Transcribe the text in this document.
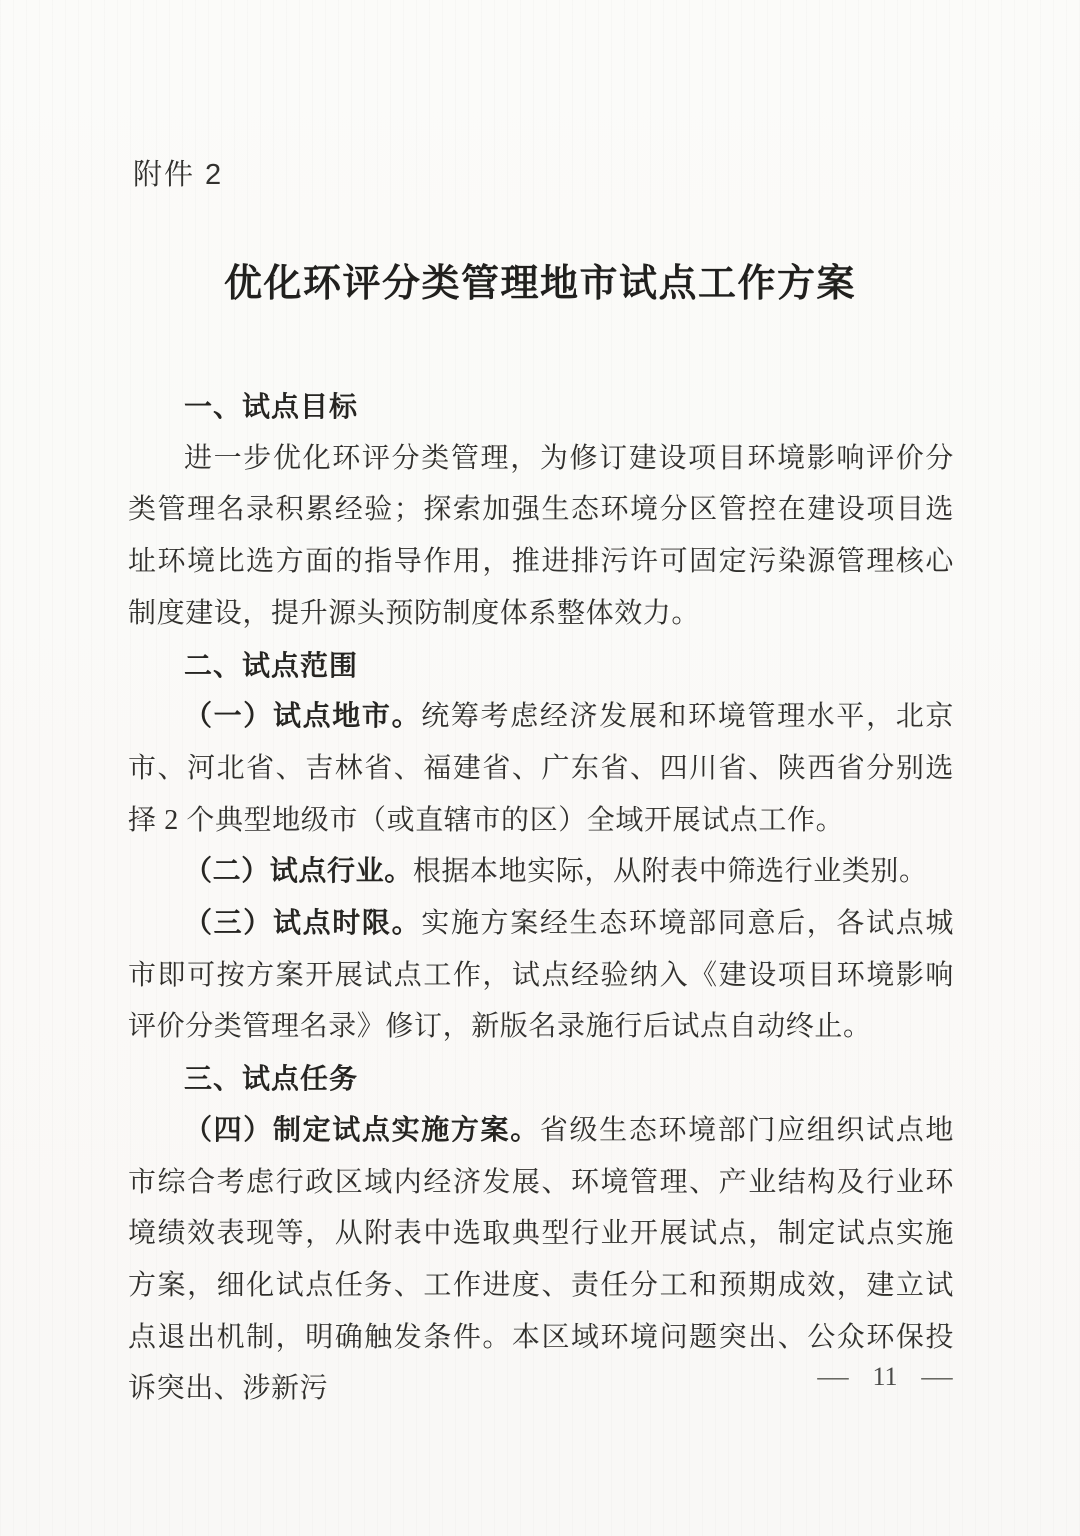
附件 2
优化环评分类管理地市试点工作方案
一、试点目标

进一步优化环评分类管理，为修订建设项目环境影响评价分类管理名录积累经验；探索加强生态环境分区管控在建设项目选址环境比选方面的指导作用，推进排污许可固定污染源管理核心制度建设，提升源头预防制度体系整体效力。

二、试点范围

（一）试点地市。统筹考虑经济发展和环境管理水平，北京市、河北省、吉林省、福建省、广东省、四川省、陕西省分别选择 2 个典型地级市（或直辖市的区）全域开展试点工作。

（二）试点行业。根据本地实际，从附表中筛选行业类别。

（三）试点时限。实施方案经生态环境部同意后，各试点城市即可按方案开展试点工作，试点经验纳入《建设项目环境影响评价分类管理名录》修订，新版名录施行后试点自动终止。

三、试点任务

（四）制定试点实施方案。省级生态环境部门应组织试点地市综合考虑行政区域内经济发展、环境管理、产业结构及行业环境绩效表现等，从附表中选取典型行业开展试点，制定试点实施方案，细化试点任务、工作进度、责任分工和预期成效，建立试点退出机制，明确触发条件。本区域环境问题突出、公众环保投诉突出、涉新污	— 11 —
